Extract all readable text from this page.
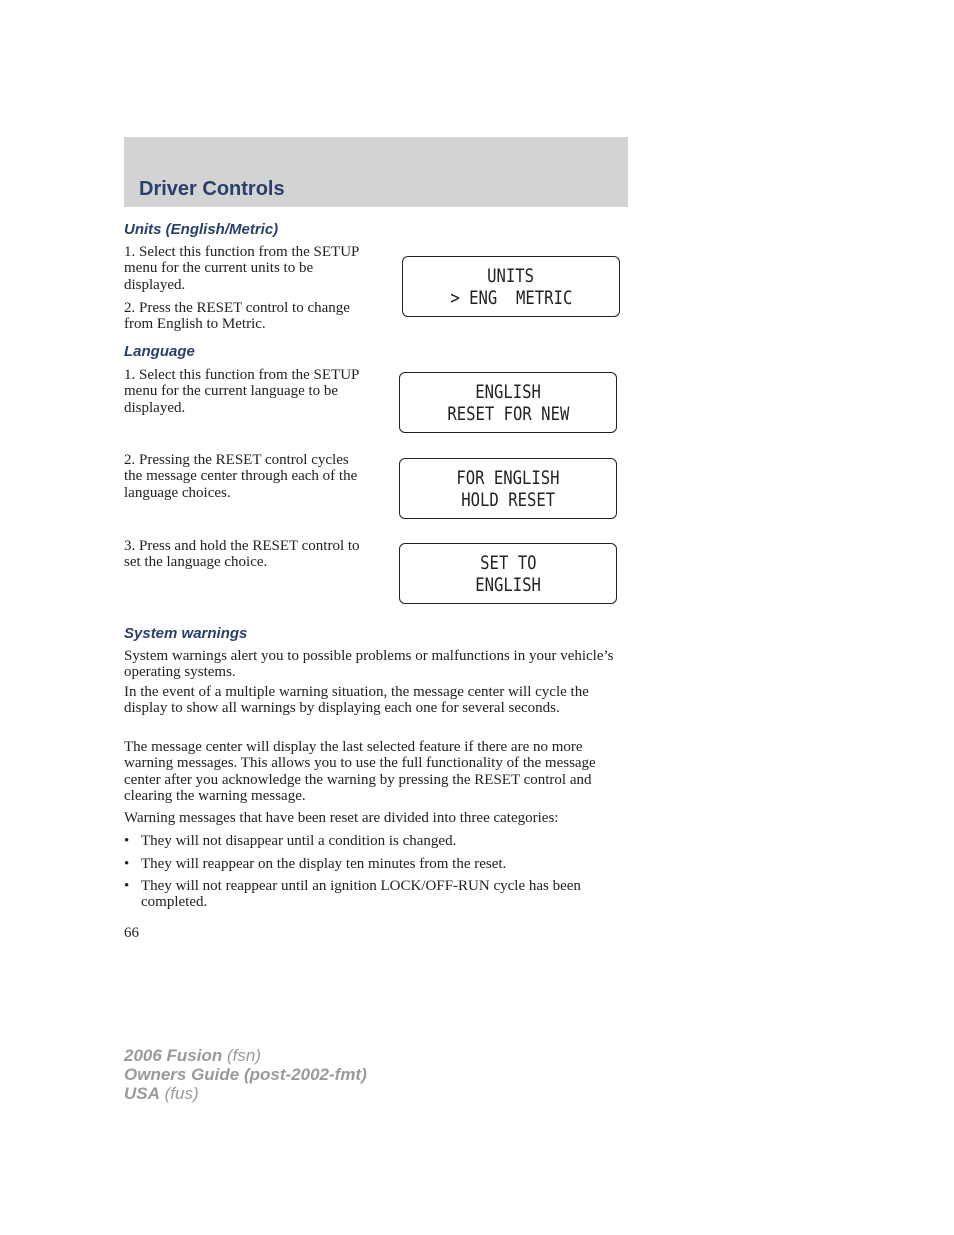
Driver Controls
Units (English/Metric)

1. Select this function from the SETUP menu for the current units to be displayed.

2. Press the RESET control to change from English to Metric.

UNITS
> ENG  METRIC
Language

1. Select this function from the SETUP menu for the current language to be displayed.

2. Pressing the RESET control cycles the message center through each of the language choices.

3. Press and hold the RESET control to set the language choice.

ENGLISH
RESET FOR NEW
FOR ENGLISH
HOLD RESET
SET TO
ENGLISH
System warnings

System warnings alert you to possible problems or malfunctions in your vehicle’s operating systems.

In the event of a multiple warning situation, the message center will cycle the display to show all warnings by displaying each one for several seconds.

The message center will display the last selected feature if there are no more warning messages. This allows you to use the full functionality of the message center after you acknowledge the warning by pressing the RESET control and clearing the warning message.

Warning messages that have been reset are divided into three categories:

• They will not disappear until a condition is changed.
• They will reappear on the display ten minutes from the reset.
• They will not reappear until an ignition LOCK/OFF-RUN cycle has been completed.

66

2006 Fusion (fsn)
Owners Guide (post-2002-fmt)
USA (fus)
